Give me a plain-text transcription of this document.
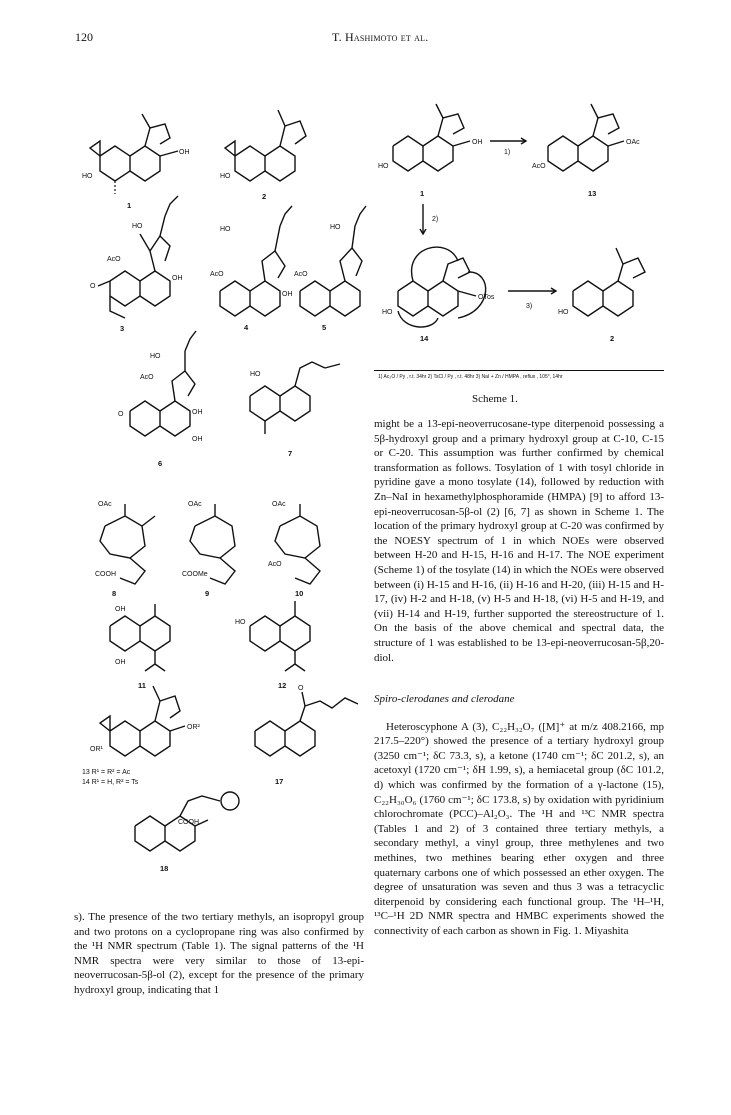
120	T. Hashimoto et al.
OH
HO
1
HO
2
O
HO
AcO
OH
3
AcO
HO
OH
4
AcO
HO
5
O
AcO
HO
OH
OH
6
HO
7
OAc
COOH
8
OAc
COOMe
9
OAc
AcO
10
OH
OH
11
HO
12
OR²
OR¹
13 R¹ = R² = Ac
14 R¹ = H, R² = Ts
O
17
COOH
18
OH
HO
1
1)
OAc
AcO
13
2)
OTos
HO
14
3)
HO
2
1) Ac₂O / Py , r.t. 34hr 2) TsCl / Py , r.t. 48hr 3) NaI + Zn / HMPA , reflux , 105°, 14hr
Scheme 1.

might be a 13-epi-neoverrucosane-type diterpenoid possessing a 5β-hydroxyl group and a primary hydroxyl group at C-10, C-15 or C-20. This assumption was further confirmed by chemical transformation as follows. Tosylation of 1 with tosyl chloride in pyridine gave a mono tosylate (14), followed by reduction with Zn–NaI in hexamethylphosphoramide (HMPA) [9] to afford 13-epi-neoverrucosan-5β-ol (2) [6, 7] as shown in Scheme 1. The location of the primary hydroxyl group at C-20 was confirmed by the NOESY spectrum of 1 in which NOEs were observed between H-20 and H-15, H-16 and H-17. The NOE experiment (Scheme 1) of the tosylate (14) in which the NOEs were observed between (i) H-15 and H-16, (ii) H-16 and H-20, (iii) H-15 and H-17, (iv) H-2 and H-18, (v) H-5 and H-18, (vi) H-5 and H-19, and (vii) H-14 and H-19, further supported the stereostructure of 1. On the basis of the above chemical and spectral data, the structure of 1 was established to be 13-epi-neoverrucosan-5β,20- diol.

Spiro-clerodanes and clerodane

Heteroscyphone A (3), C₂₂H₃₂O₇ ([M]⁺ at m/z 408.2166, mp 217.5–220°) showed the presence of a tertiary hydroxyl group (3250 cm⁻¹; δC 73.3, s), a ketone (1740 cm⁻¹; δC 201.2, s), an acetoxyl (1720 cm⁻¹; δH 1.99, s), a hemiacetal group (δC 101.2, d) which was confirmed by the formation of a γ-lactone (15), C₂₂H₃₀O₆ (1760 cm⁻¹; δC 173.8, s) by oxidation with pyridinium chlorochromate (PCC)–Al₂O₃. The ¹H and ¹³C NMR spectra (Tables 1 and 2) of 3 contained three tertiary methyls, a secondary methyl, a vinyl group, three methylenes and two methines, two methines bearing ether oxygen and three quaternary carbons one of which possessed an ether oxygen. The degree of unsaturation was seven and thus 3 was a tetracyclic diterpenoid by considering each functional group. The ¹H–¹H, ¹³C–¹H 2D NMR spectra and HMBC experiments showed the connectivity of each carbon as shown in Fig. 1. Miyashita

s). The presence of the two tertiary methyls, an isopropyl group and two protons on a cyclopropane ring was also confirmed by the ¹H NMR spectrum (Table 1). The signal patterns of the ¹H NMR spectra were very similar to those of 13-epi-neoverrucosan-5β-ol (2), except for the presence of the primary hydroxyl group, indicating that 1
